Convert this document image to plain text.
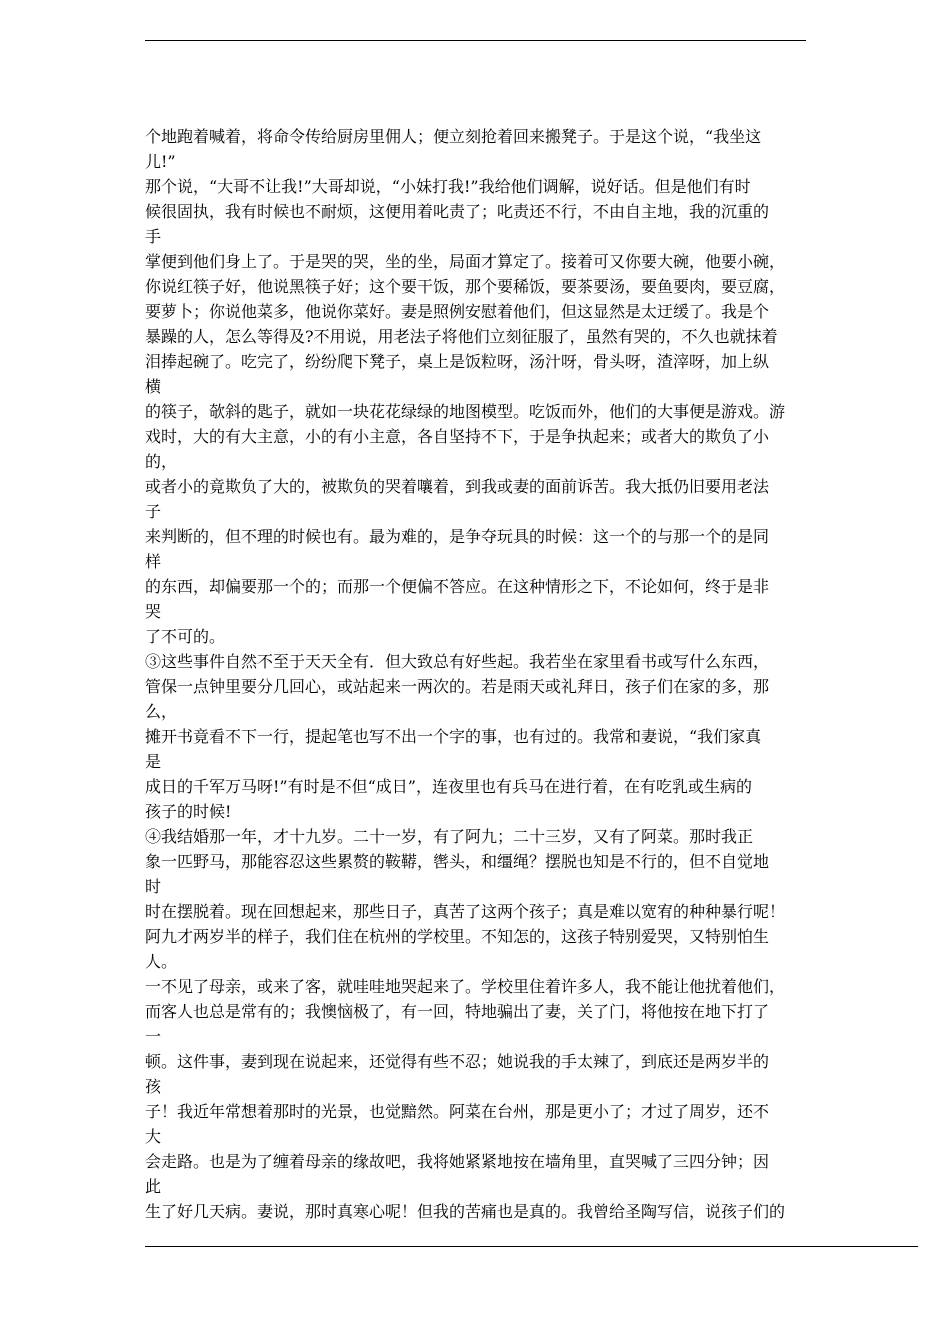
个地跑着喊着，将命令传给厨房里佣人；便立刻抢着回来搬凳子。于是这个说，“我坐这
儿!”
那个说，“大哥不让我!”大哥却说，“小妹打我!”我给他们调解，说好话。但是他们有时
候很固执，我有时候也不耐烦，这便用着叱责了；叱责还不行，不由自主地，我的沉重的
手
掌便到他们身上了。于是哭的哭，坐的坐，局面才算定了。接着可又你要大碗，他要小碗，
你说红筷子好，他说黑筷子好；这个要干饭，那个要稀饭，要茶要汤，要鱼要肉，要豆腐，
要萝卜；你说他菜多，他说你菜好。妻是照例安慰着他们，但这显然是太迂缓了。我是个
暴躁的人，怎么等得及?不用说，用老法子将他们立刻征服了，虽然有哭的，不久也就抹着
泪捧起碗了。吃完了，纷纷爬下凳子，桌上是饭粒呀，汤汁呀，骨头呀，渣滓呀，加上纵
横
的筷子，欹斜的匙子，就如一块花花绿绿的地图模型。吃饭而外，他们的大事便是游戏。游
戏时，大的有大主意，小的有小主意，各自坚持不下，于是争执起来；或者大的欺负了小
的，
或者小的竟欺负了大的，被欺负的哭着嚷着，到我或妻的面前诉苦。我大抵仍旧要用老法
子
来判断的，但不理的时候也有。最为难的，是争夺玩具的时候：这一个的与那一个的是同
样
的东西，却偏要那一个的；而那一个便偏不答应。在这种情形之下，不论如何，终于是非
哭
了不可的。
③这些事件自然不至于天天全有．但大致总有好些起。我若坐在家里看书或写什么东西，
管保一点钟里要分几回心，或站起来一两次的。若是雨天或礼拜日，孩子们在家的多，那
么，
摊开书竟看不下一行，提起笔也写不出一个字的事，也有过的。我常和妻说，“我们家真
是
成日的千军万马呀!”有时是不但“成日”，连夜里也有兵马在进行着，在有吃乳或生病的
孩子的时候!
④我结婚那一年，才十九岁。二十一岁，有了阿九；二十三岁，又有了阿菜。那时我正
象一匹野马，那能容忍这些累赘的鞍鞯，辔头，和缰绳？摆脱也知是不行的，但不自觉地
时
时在摆脱着。现在回想起来，那些日子，真苦了这两个孩子；真是难以宽宥的种种暴行呢！
阿九才两岁半的样子，我们住在杭州的学校里。不知怎的，这孩子特别爱哭，又特别怕生
人。
一不见了母亲，或来了客，就哇哇地哭起来了。学校里住着许多人，我不能让他扰着他们，
而客人也总是常有的；我懊恼极了，有一回，特地骗出了妻，关了门，将他按在地下打了
一
顿。这件事，妻到现在说起来，还觉得有些不忍；她说我的手太辣了，到底还是两岁半的
孩
子！我近年常想着那时的光景，也觉黯然。阿菜在台州，那是更小了；才过了周岁，还不
大
会走路。也是为了缠着母亲的缘故吧，我将她紧紧地按在墙角里，直哭喊了三四分钟；因
此
生了好几天病。妻说，那时真寒心呢！但我的苦痛也是真的。我曾给圣陶写信，说孩子们的
